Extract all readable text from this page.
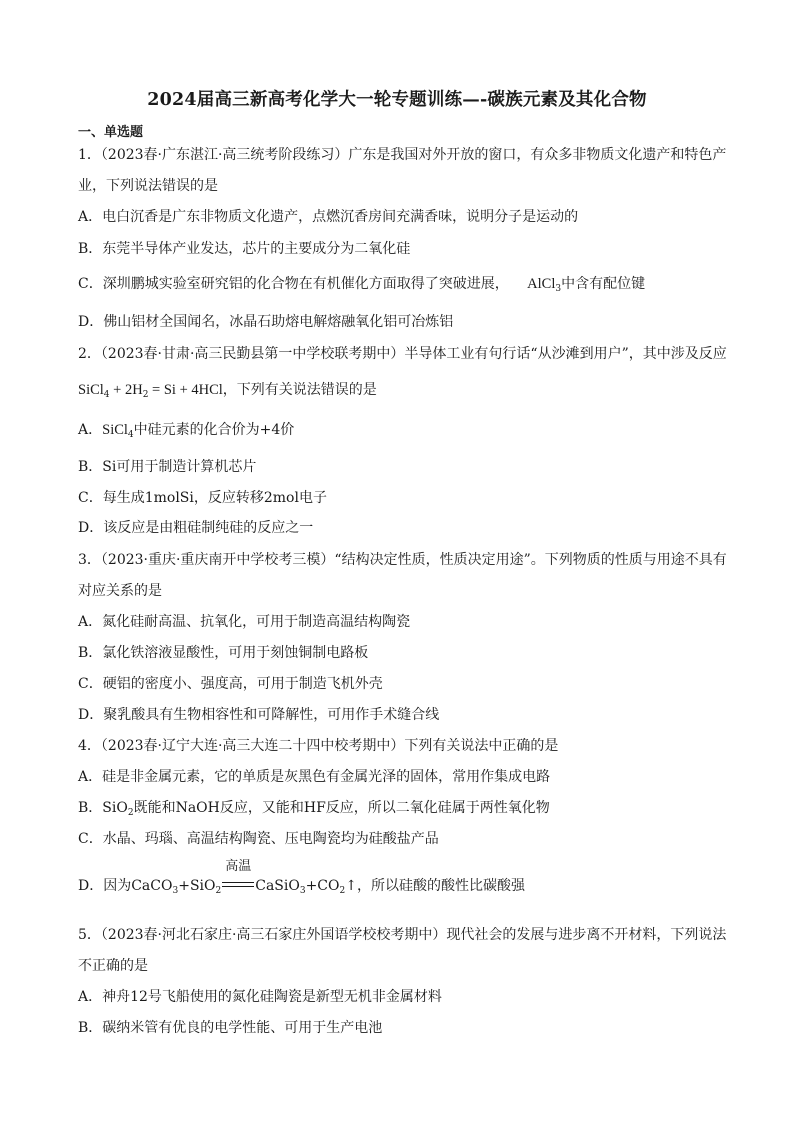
2024届高三新高考化学大一轮专题训练—-碳族元素及其化合物
一、单选题
1．（2023春·广东湛江·高三统考阶段练习）广东是我国对外开放的窗口，有众多非物质文化遗产和特色产
业，下列说法错误的是
A．电白沉香是广东非物质文化遗产，点燃沉香房间充满香味，说明分子是运动的
B．东莞半导体产业发达，芯片的主要成分为二氧化硅
C．深圳鹏城实验室研究铝的化合物在有机催化方面取得了突破进展， AlCl$_3$中含有配位键
D．佛山铝材全国闻名，冰晶石助熔电解熔融氧化铝可冶炼铝
2．（2023春·甘肃·高三民勤县第一中学校联考期中）半导体工业有句行话“从沙滩到用户”，其中涉及反应
SiCl$_4$ + $2H_2 = Si + 4HCl$，下列有关说法错误的是
A．SiCl$_4$中硅元素的化合价为+4价
B．Si可用于制造计算机芯片
C．每生成1molSi，反应转移2mol电子
D．该反应是由粗硅制纯硅的反应之一
3．（2023·重庆·重庆南开中学校考三模）“结构决定性质，性质决定用途”。下列物质的性质与用途不具有
对应关系的是
A．氮化硅耐高温、抗氧化，可用于制造高温结构陶瓷
B．氯化铁溶液显酸性，可用于刻蚀铜制电路板
C．硬铝的密度小、强度高，可用于制造飞机外壳
D．聚乳酸具有生物相容性和可降解性，可用作手术缝合线
4．（2023春·辽宁大连·高三大连二十四中校考期中）下列有关说法中正确的是
A．硅是非金属元素，它的单质是灰黑色有金属光泽的固体，常用作集成电路
B．SiO$_2$既能和NaOH反应，又能和HF反应，所以二氧化硅属于两性氧化物
C．水晶、玛瑙、高温结构陶瓷、压电陶瓷均为硅酸盐产品
D．因为CaCO$_3$+SiO$_2$
高温
$CaSiO_3+CO_2↑$，所以硅酸的酸性比碳酸强
5．（2023春·河北石家庄·高三石家庄外国语学校校考期中）现代社会的发展与进步离不开材料，下列说法
不正确的是
A．神舟12号飞船使用的氮化硅陶瓷是新型无机非金属材料
B．碳纳米管有优良的电学性能、可用于生产电池
